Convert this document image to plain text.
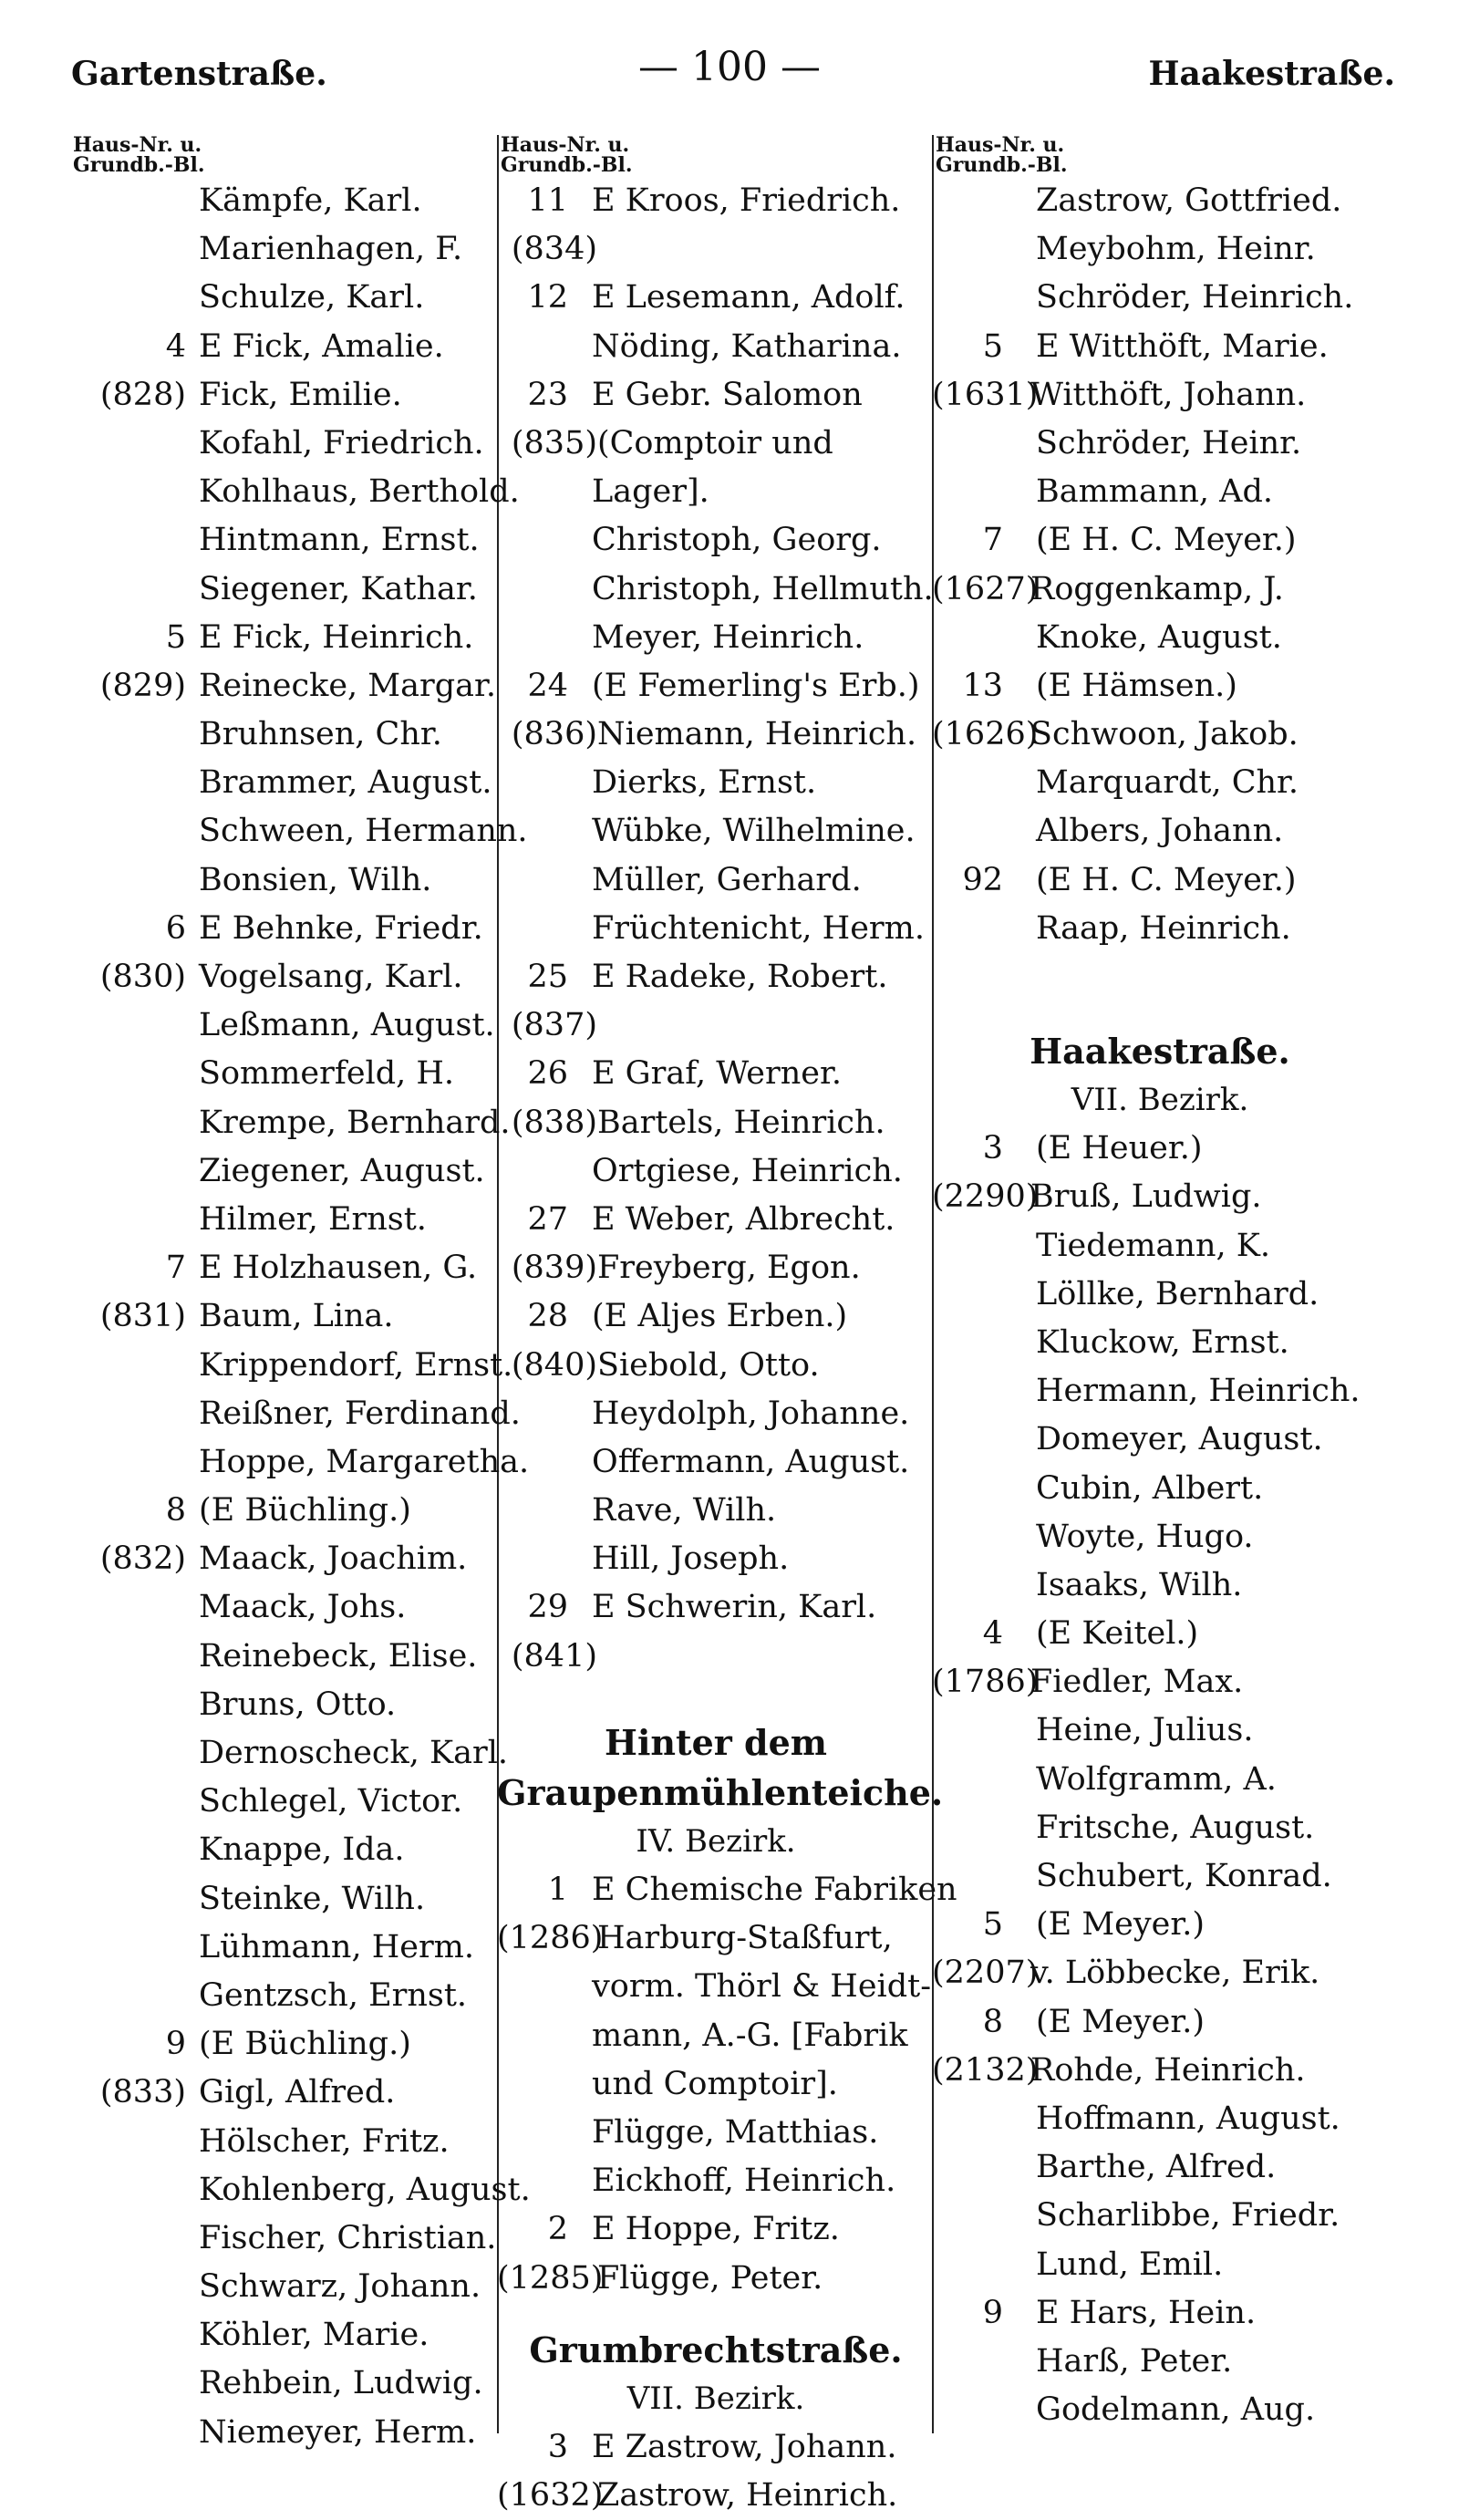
Gartenstraße.	— 100 —	Haakestraße.
Haus-Nr. u.
Grundb.-Bl.
Kämpfe, Karl.
Marienhagen, F.
Schulze, Karl.
4 E Fick, Amalie.
(828) Fick, Emilie.
Kofahl, Friedrich.
Kohlhaus, Berthold.
Hintmann, Ernst.
Siegener, Kathar.
5 E Fick, Heinrich.
(829) Reinecke, Margar.
Bruhnsen, Chr.
Brammer, August.
Schween, Hermann.
Bonsien, Wilh.
6 E Behnke, Friedr.
(830) Vogelsang, Karl.
Leßmann, August.
Sommerfeld, H.
Krempe, Bernhard.
Ziegener, August.
Hilmer, Ernst.
7 E Holzhausen, G.
(831) Baum, Lina.
Krippendorf, Ernst.
Reißner, Ferdinand.
Hoppe, Margaretha.
8 (E Büchling.)
(832) Maack, Joachim.
Maack, Johs.
Reinebeck, Elise.
Bruns, Otto.
Dernoscheck, Karl.
Schlegel, Victor.
Knappe, Ida.
Steinke, Wilh.
Lühmann, Herm.
Gentzsch, Ernst.
9 (E Büchling.)
(833) Gigl, Alfred.
Hölscher, Fritz.
Kohlenberg, August.
Fischer, Christian.
Schwarz, Johann.
Köhler, Marie.
Rehbein, Ludwig.
Niemeyer, Herm.
Haus-Nr. u.
Grundb.-Bl.
11 E Kroos, Friedrich.
(834)
12 E Lesemann, Adolf.
Nöding, Katharina.
23 E Gebr. Salomon
(835) (Comptoir und
Lager].
Christoph, Georg.
Christoph, Hellmuth.
Meyer, Heinrich.
24 (E Femerling's Erb.)
(836) Niemann, Heinrich.
Dierks, Ernst.
Wübke, Wilhelmine.
Müller, Gerhard.
Früchtenicht, Herm.
25 E Radeke, Robert.
(837)
26 E Graf, Werner.
(838) Bartels, Heinrich.
Ortgiese, Heinrich.
27 E Weber, Albrecht.
(839) Freyberg, Egon.
28 (E Aljes Erben.)
(840) Siebold, Otto.
Heydolph, Johanne.
Offermann, August.
Rave, Wilh.
Hill, Joseph.
29 E Schwerin, Karl.
(841)
Hinter dem
Graupenmühlenteiche.
IV. Bezirk.
1 E Chemische Fabriken
(1286)
Harburg-Staßfurt,
vorm. Thörl & Heidt-
mann, A.-G. [Fabrik
und Comptoir].
Flügge, Matthias.
Eickhoff, Heinrich.
2 E Hoppe, Fritz.
(1285)
Flügge, Peter.
Grumbrechtstraße.
VII. Bezirk.
3 E Zastrow, Johann.
(1632)
Zastrow, Heinrich.
Haus-Nr. u.
Grundb.-Bl.
Zastrow, Gottfried.
Meybohm, Heinr.
Schröder, Heinrich.
5 E Witthöft, Marie.
(1631)
Witthöft, Johann.
Schröder, Heinr.
Bammann, Ad.
7 (E H. C. Meyer.)
(1627)
Roggenkamp, J.
Knoke, August.
13 (E Hämsen.)
(1626)
Schwoon, Jakob.
Marquardt, Chr.
Albers, Johann.
92 (E H. C. Meyer.)
Raap, Heinrich.
Haakestraße.
VII. Bezirk.
3 (E Heuer.)
(2290)
Bruß, Ludwig.
Tiedemann, K.
Löllke, Bernhard.
Kluckow, Ernst.
Hermann, Heinrich.
Domeyer, August.
Cubin, Albert.
Woyte, Hugo.
Isaaks, Wilh.
4 (E Keitel.)
(1786)
Fiedler, Max.
Heine, Julius.
Wolfgramm, A.
Fritsche, August.
Schubert, Konrad.
5 (E Meyer.)
(2207)
v. Löbbecke, Erik.
8 (E Meyer.)
(2132)
Rohde, Heinrich.
Hoffmann, August.
Barthe, Alfred.
Scharlibbe, Friedr.
Lund, Emil.
9 E Hars, Hein.
Harß, Peter.
Godelmann, Aug.
